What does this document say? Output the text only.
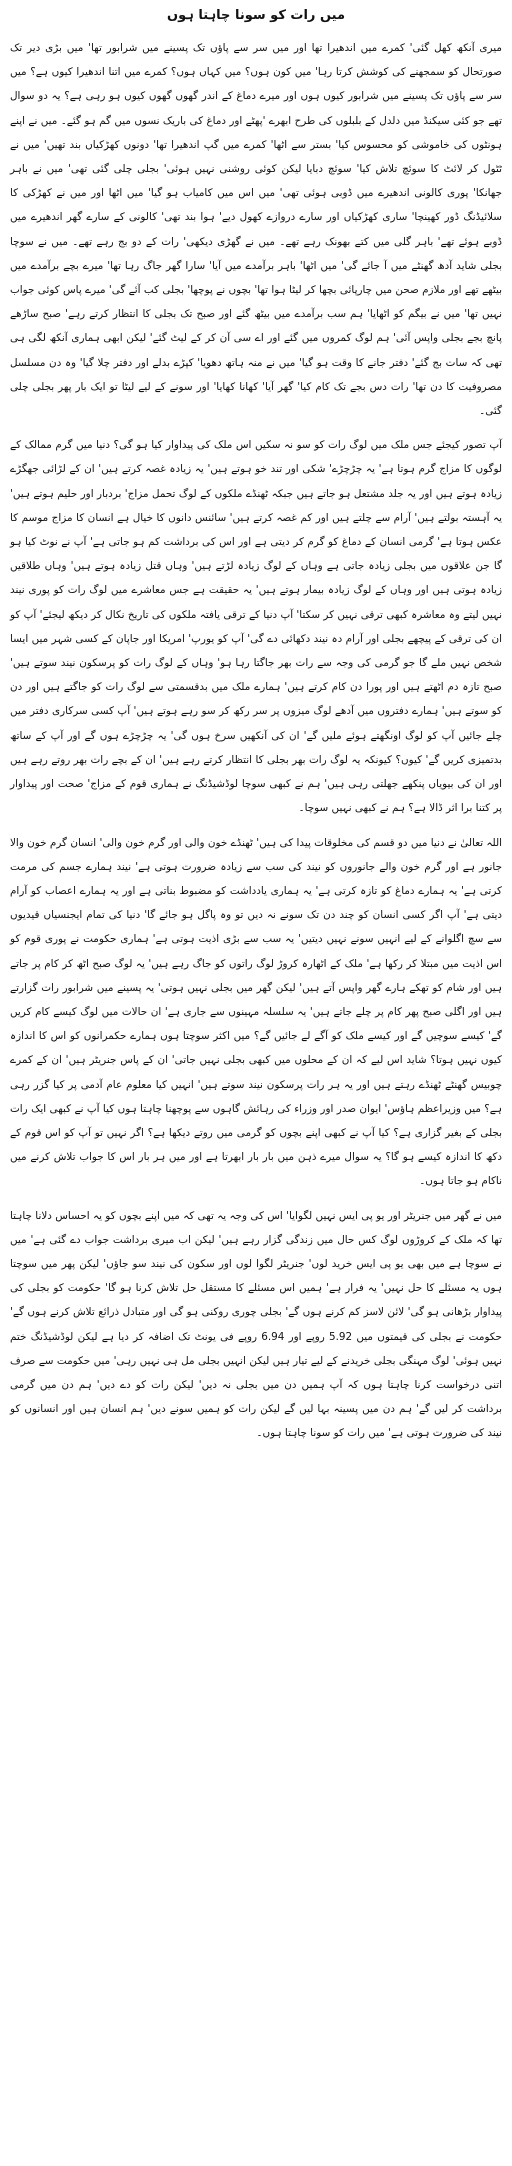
میں رات کو سونا چاہتا ہوں

میری آنکھ کھل گئی' کمرے میں اندھیرا تھا اور میں سر سے پاؤں تک پسینے میں شرابور تھا' میں بڑی دیر تک صورتحال کو سمجھنے کی کوشش کرتا رہا' میں کون ہوں؟ میں کہاں ہوں؟ کمرے میں اتنا اندھیرا کیوں ہے؟ میں سر سے پاؤں تک پسینے میں شرابور کیوں ہوں اور میرے دماغ کے اندر گھوں گھوں کیوں ہو رہی ہے؟ یہ دو سوال تھے جو کئی سیکنڈ میں دلدل کے بلبلوں کی طرح ابھرے 'پھٹے اور دماغ کی باریک نسوں میں گم ہو گئے۔ میں نے اپنے ہونٹوں کی خاموشی کو محسوس کیا' بستر سے اٹھا' کمرے میں گپ اندھیرا تھا' دونوں کھڑکیاں بند تھیں' میں نے ٹٹول کر لائٹ کا سوئچ تلاش کیا' سوئچ دبایا لیکن کوئی روشنی نہیں ہوئی' بجلی چلی گئی تھی' میں نے باہر جھانکا' پوری کالونی اندھیرے میں ڈوبی ہوئی تھی' میں اس میں کامیاب ہو گیا' میں اٹھا اور میں نے کھڑکی کا سلائیڈنگ ڈور کھینچا' ساری کھڑکیاں اور سارے دروازے کھول دیے' ہوا بند تھی' کالونی کے سارے گھر اندھیرے میں ڈوبے ہوئے تھے' باہر گلی میں کتے بھونک رہے تھے۔ میں نے گھڑی دیکھی' رات کے دو بج رہے تھے۔ میں نے سوچا بجلی شاید آدھ گھنٹے میں آ جائے گی' میں اٹھا' باہر برآمدے میں آیا' سارا گھر جاگ رہا تھا' میرے بچے برآمدے میں بیٹھے تھے اور ملازم صحن میں چارپائی بچھا کر لیٹا ہوا تھا' بچوں نے پوچھا' بجلی کب آئے گی' میرے پاس کوئی جواب نہیں تھا' میں نے بیگم کو اٹھایا' ہم سب برآمدے میں بیٹھ گئے اور صبح تک بجلی کا انتظار کرتے رہے' صبح ساڑھے پانچ بجے بجلی واپس آئی' ہم لوگ کمروں میں گئے اور اے سی آن کر کے لیٹ گئے' لیکن ابھی ہماری آنکھ لگی ہی تھی کہ سات بج گئے' دفتر جانے کا وقت ہو گیا' میں نے منہ ہاتھ دھویا' کپڑے بدلے اور دفتر چلا گیا' وہ دن مسلسل مصروفیت کا دن تھا' رات دس بجے تک کام کیا' گھر آیا' کھانا کھایا' اور سونے کے لیے لیٹا تو ایک بار پھر بجلی چلی گئی۔

آپ تصور کیجئے جس ملک میں لوگ رات کو سو نہ سکیں اس ملک کی پیداوار کیا ہو گی؟ دنیا میں گرم ممالک کے لوگوں کا مزاج گرم ہوتا ہے' یہ چڑچڑے' شکی اور تند خو ہوتے ہیں' یہ زیادہ غصہ کرتے ہیں' ان کے لڑائی جھگڑے زیادہ ہوتے ہیں اور یہ جلد مشتعل ہو جاتے ہیں جبکہ ٹھنڈے ملکوں کے لوگ تحمل مزاج' بردبار اور حلیم ہوتے ہیں' یہ آہستہ بولتے ہیں' آرام سے چلتے ہیں اور کم غصہ کرتے ہیں' سائنس دانوں کا خیال ہے انسان کا مزاج موسم کا عکس ہوتا ہے' گرمی انسان کے دماغ کو گرم کر دیتی ہے اور اس کی برداشت کم ہو جاتی ہے' آپ نے نوٹ کیا ہو گا جن علاقوں میں بجلی زیادہ جاتی ہے وہاں کے لوگ زیادہ لڑتے ہیں' وہاں قتل زیادہ ہوتے ہیں' وہاں طلاقیں زیادہ ہوتی ہیں اور وہاں کے لوگ زیادہ بیمار ہوتے ہیں' یہ حقیقت ہے جس معاشرے میں لوگ رات کو پوری نیند نہیں لیتے وہ معاشرہ کبھی ترقی نہیں کر سکتا' آپ دنیا کے ترقی یافتہ ملکوں کی تاریخ نکال کر دیکھ لیجئے' آپ کو ان کی ترقی کے پیچھے بجلی اور آرام دہ نیند دکھائی دے گی' آپ کو یورپ' امریکا اور جاپان کے کسی شہر میں ایسا شخص نہیں ملے گا جو گرمی کی وجہ سے رات بھر جاگتا رہا ہو' وہاں کے لوگ رات کو پرسکون نیند سوتے ہیں' صبح تازہ دم اٹھتے ہیں اور پورا دن کام کرتے ہیں' ہمارے ملک میں بدقسمتی سے لوگ رات کو جاگتے ہیں اور دن کو سوتے ہیں' ہمارے دفتروں میں آدھے لوگ میزوں پر سر رکھ کر سو رہے ہوتے ہیں' آپ کسی سرکاری دفتر میں چلے جائیں آپ کو لوگ اونگھتے ہوئے ملیں گے' ان کی آنکھیں سرخ ہوں گی' یہ چڑچڑے ہوں گے اور آپ کے ساتھ بدتمیزی کریں گے' کیوں؟ کیونکہ یہ لوگ رات بھر بجلی کا انتظار کرتے رہے ہیں' ان کے بچے رات بھر روتے رہے ہیں اور ان کی بیویاں پنکھے جھلتی رہی ہیں' ہم نے کبھی سوچا لوڈشیڈنگ نے ہماری قوم کے مزاج' صحت اور پیداوار پر کتنا برا اثر ڈالا ہے؟ ہم نے کبھی نہیں سوچا۔

اللہ تعالیٰ نے دنیا میں دو قسم کی مخلوقات پیدا کی ہیں' ٹھنڈے خون والی اور گرم خون والی' انسان گرم خون والا جانور ہے اور گرم خون والے جانوروں کو نیند کی سب سے زیادہ ضرورت ہوتی ہے' نیند ہمارے جسم کی مرمت کرتی ہے' یہ ہمارے دماغ کو تازہ کرتی ہے' یہ ہماری یادداشت کو مضبوط بناتی ہے اور یہ ہمارے اعصاب کو آرام دیتی ہے' آپ اگر کسی انسان کو چند دن تک سونے نہ دیں تو وہ پاگل ہو جائے گا' دنیا کی تمام ایجنسیاں قیدیوں سے سچ اگلوانے کے لیے انہیں سونے نہیں دیتیں' یہ سب سے بڑی اذیت ہوتی ہے' ہماری حکومت نے پوری قوم کو اس اذیت میں مبتلا کر رکھا ہے' ملک کے اٹھارہ کروڑ لوگ راتوں کو جاگ رہے ہیں' یہ لوگ صبح اٹھ کر کام پر جاتے ہیں اور شام کو تھکے ہارے گھر واپس آتے ہیں' لیکن گھر میں بجلی نہیں ہوتی' یہ پسینے میں شرابور رات گزارتے ہیں اور اگلی صبح پھر کام پر چلے جاتے ہیں' یہ سلسلہ مہینوں سے جاری ہے' ان حالات میں لوگ کیسے کام کریں گے' کیسے سوچیں گے اور کیسے ملک کو آگے لے جائیں گے؟ میں اکثر سوچتا ہوں ہمارے حکمرانوں کو اس کا اندازہ کیوں نہیں ہوتا؟ شاید اس لیے کہ ان کے محلوں میں کبھی بجلی نہیں جاتی' ان کے پاس جنریٹر ہیں' ان کے کمرے چوبیس گھنٹے ٹھنڈے رہتے ہیں اور یہ ہر رات پرسکون نیند سوتے ہیں' انہیں کیا معلوم عام آدمی پر کیا گزر رہی ہے؟ میں وزیراعظم ہاؤس' ایوان صدر اور وزراء کی رہائش گاہوں سے پوچھنا چاہتا ہوں کیا آپ نے کبھی ایک رات بجلی کے بغیر گزاری ہے؟ کیا آپ نے کبھی اپنے بچوں کو گرمی میں روتے دیکھا ہے؟ اگر نہیں تو آپ کو اس قوم کے دکھ کا اندازہ کیسے ہو گا؟ یہ سوال میرے ذہن میں بار بار ابھرتا ہے اور میں ہر بار اس کا جواب تلاش کرنے میں ناکام ہو جاتا ہوں۔

میں نے گھر میں جنریٹر اور یو پی ایس نہیں لگوایا' اس کی وجہ یہ تھی کہ میں اپنے بچوں کو یہ احساس دلانا چاہتا تھا کہ ملک کے کروڑوں لوگ کس حال میں زندگی گزار رہے ہیں' لیکن اب میری برداشت جواب دے گئی ہے' میں نے سوچا ہے میں بھی یو پی ایس خرید لوں' جنریٹر لگوا لوں اور سکون کی نیند سو جاؤں' لیکن پھر میں سوچتا ہوں یہ مسئلے کا حل نہیں' یہ فرار ہے' ہمیں اس مسئلے کا مستقل حل تلاش کرنا ہو گا' حکومت کو بجلی کی پیداوار بڑھانی ہو گی' لائن لاسز کم کرنے ہوں گے' بجلی چوری روکنی ہو گی اور متبادل ذرائع تلاش کرنے ہوں گے' حکومت نے بجلی کی قیمتوں میں 5.92 روپے اور 6.94 روپے فی یونٹ تک اضافہ کر دیا ہے لیکن لوڈشیڈنگ ختم نہیں ہوئی' لوگ مہنگی بجلی خریدنے کے لیے تیار ہیں لیکن انہیں بجلی مل ہی نہیں رہی' میں حکومت سے صرف اتنی درخواست کرنا چاہتا ہوں کہ آپ ہمیں دن میں بجلی نہ دیں' لیکن رات کو دے دیں' ہم دن میں گرمی برداشت کر لیں گے' ہم دن میں پسینہ بہا لیں گے لیکن رات کو ہمیں سونے دیں' ہم انسان ہیں اور انسانوں کو نیند کی ضرورت ہوتی ہے' میں رات کو سونا چاہتا ہوں۔
